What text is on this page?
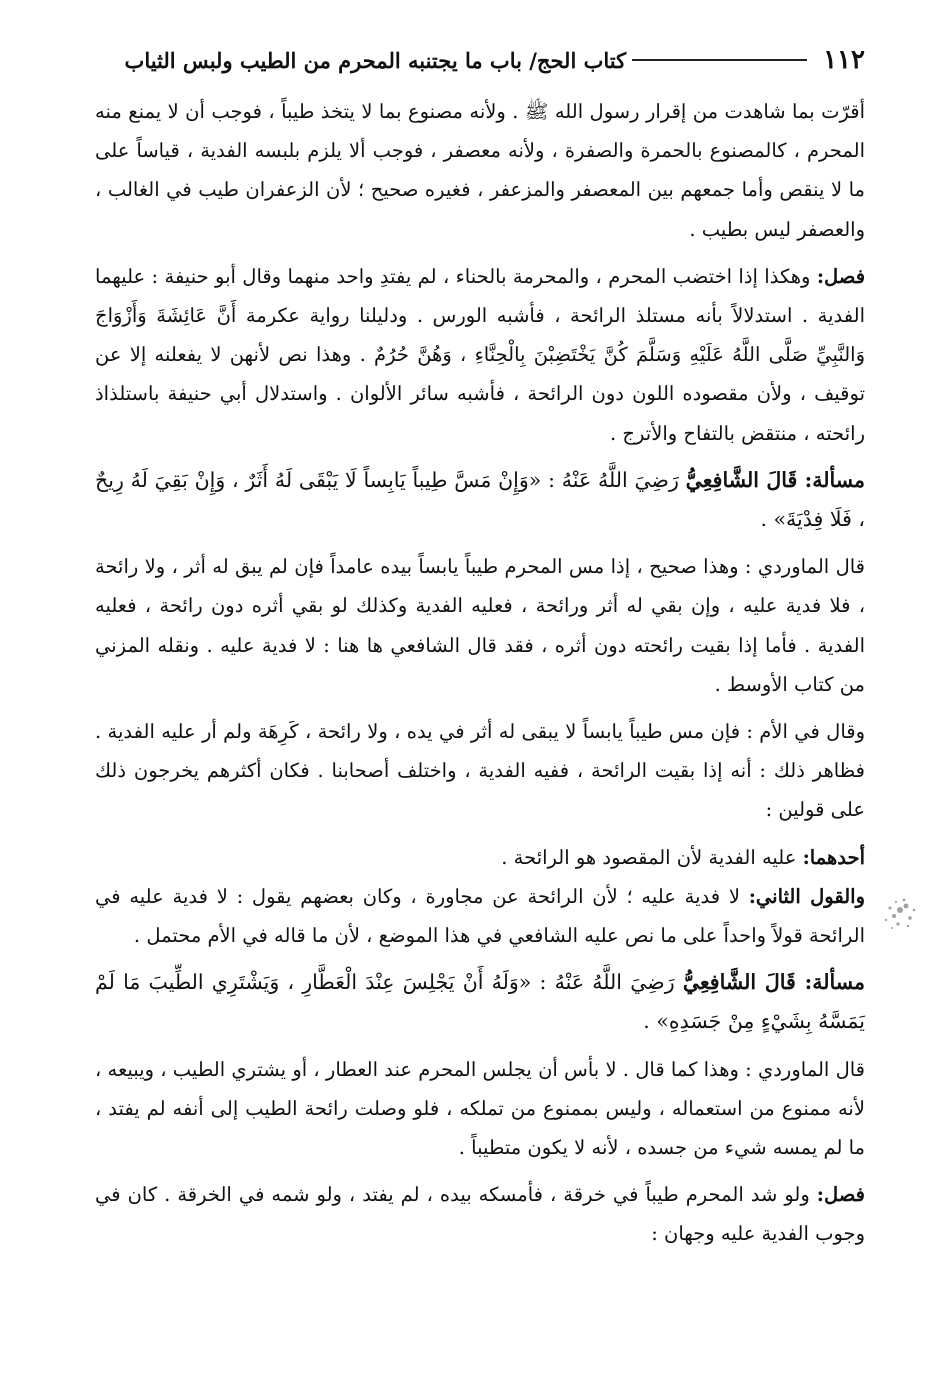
١١٢
كتاب الحج/ باب ما يجتنبه المحرم من الطيب ولبس الثياب

أقرّت بما شاهدت من إقرار رسول الله ﷺ . ولأنه مصنوع بما لا يتخذ طيباً ، فوجب أن لا يمنع منه المحرم ، كالمصنوع بالحمرة والصفرة ، ولأنه معصفر ، فوجب ألا يلزم بلبسه الفدية ، قياساً على ما لا ينقص وأما جمعهم بين المعصفر والمزعفر ، فغيره صحيح ؛ لأن الزعفران طيب في الغالب ، والعصفر ليس بطيب .

فصل: وهكذا إذا اختضب المحرم ، والمحرمة بالحناء ، لم يفتدِ واحد منهما وقال أبو حنيفة : عليهما الفدية . استدلالاً بأنه مستلذ الرائحة ، فأشبه الورس . ودليلنا رواية عكرمة أَنَّ عَائِشَةَ وَأَزْوَاجَ وَالنَّبِيِّ صَلَّى اللَّهُ عَلَيْهِ وَسَلَّمَ كُنَّ يَخْتَضِبْنَ بِالْحِنَّاءِ ، وَهُنَّ حُرُمٌ . وهذا نص لأنهن لا يفعلنه إلا عن توقيف ، ولأن مقصوده اللون دون الرائحة ، فأشبه سائر الألوان . واستدلال أبي حنيفة باستلذاذ رائحته ، منتقض بالتفاح والأترج .

مسألة: قَالَ الشَّافِعِيُّ رَضِيَ اللَّهُ عَنْهُ : «وَإِنْ مَسَّ طِيباً يَابِساً لَا يَبْقَى لَهُ أَثَرٌ ، وَإِنْ بَقِيَ لَهُ رِيحٌ ، فَلَا فِدْيَةَ» .

قال الماوردي : وهذا صحيح ، إذا مس المحرم طيباً يابساً بيده عامداً فإن لم يبق له أثر ، ولا رائحة ، فلا فدية عليه ، وإن بقي له أثر ورائحة ، فعليه الفدية وكذلك لو بقي أثره دون رائحة ، فعليه الفدية . فأما إذا بقيت رائحته دون أثره ، فقد قال الشافعي ها هنا : لا فدية عليه . ونقله المزني من كتاب الأوسط .

وقال في الأم : فإن مس طيباً يابساً لا يبقى له أثر في يده ، ولا رائحة ، كَرِهَة ولم أر عليه الفدية . فظاهر ذلك : أنه إذا بقيت الرائحة ، ففيه الفدية ، واختلف أصحابنا . فكان أكثرهم يخرجون ذلك على قولين :

أحدهما: عليه الفدية لأن المقصود هو الرائحة .

والقول الثاني: لا فدية عليه ؛ لأن الرائحة عن مجاورة ، وكان بعضهم يقول : لا فدية عليه في الرائحة قولاً واحداً على ما نص عليه الشافعي في هذا الموضع ، لأن ما قاله في الأم محتمل .

مسألة: قَالَ الشَّافِعِيُّ رَضِيَ اللَّهُ عَنْهُ : «وَلَهُ أَنْ يَجْلِسَ عِنْدَ الْعَطَّارِ ، وَيَشْتَرِي الطِّيبَ مَا لَمْ يَمَسَّهُ بِشَيْءٍ مِنْ جَسَدِهِ» .

قال الماوردي : وهذا كما قال . لا بأس أن يجلس المحرم عند العطار ، أو يشتري الطيب ، ويبيعه ، لأنه ممنوع من استعماله ، وليس بممنوع من تملكه ، فلو وصلت رائحة الطيب إلى أنفه لم يفتد ، ما لم يمسه شيء من جسده ، لأنه لا يكون متطيباً .

فصل: ولو شد المحرم طيباً في خرقة ، فأمسكه بيده ، لم يفتد ، ولو شمه في الخرقة . كان في وجوب الفدية عليه وجهان :
